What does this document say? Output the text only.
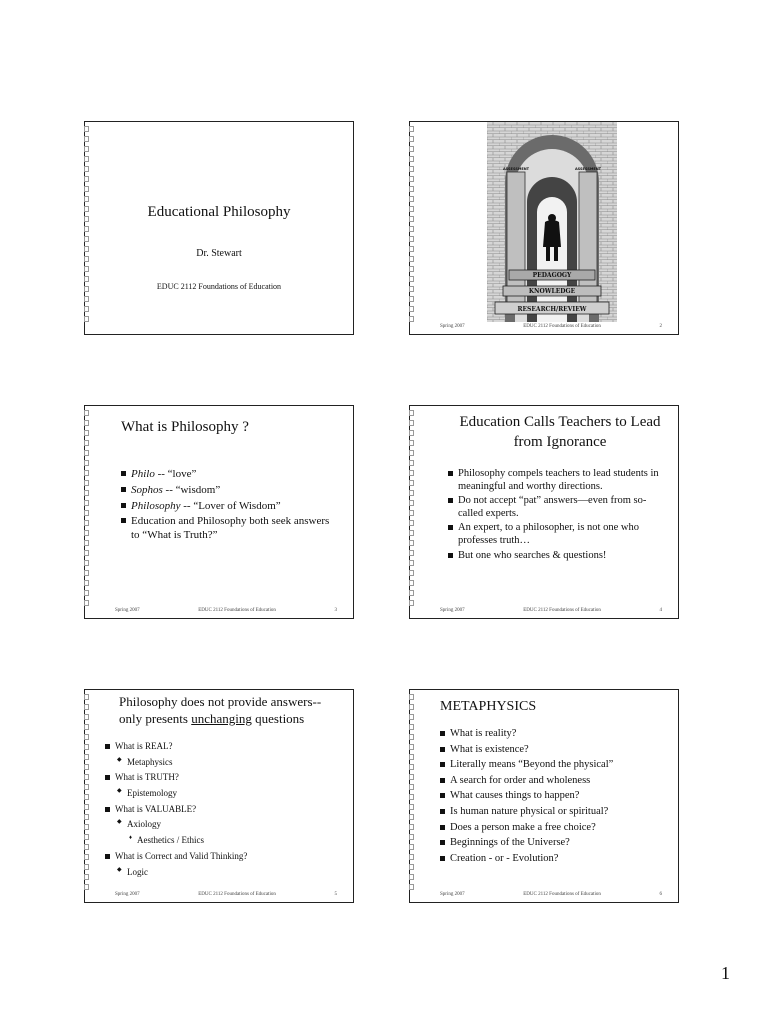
Educational Philosophy
Dr. Stewart
EDUC 2112 Foundations of Education
ASSESSMENT	ASSESSMENT
PEDAGOGY
KNOWLEDGE
RESEARCH/REVIEW
Spring 2007	EDUC 2112 Foundations of Education	2
What is Philosophy ?
Philo -- “love”
Sophos -- “wisdom”
Philosophy -- “Lover of Wisdom”
Education and Philosophy both seek answers to “What is Truth?”
Spring 2007	EDUC 2112 Foundations of Education	3
Education Calls Teachers to Lead from Ignorance
Philosophy compels teachers to lead students in meaningful and worthy directions.
Do not accept “pat” answers—even from so-called experts.
An expert, to a philosopher, is not one who professes truth…
But one who searches & questions!
Spring 2007	EDUC 2112 Foundations of Education	4
Philosophy does not provide answers--
only presents unchanging questions
What is REAL?
◆ Metaphysics
What is TRUTH?
◆ Epistemology
What is VALUABLE?
◆ Axiology
♦ Aesthetics / Ethics
What is Correct and Valid Thinking?
◆ Logic
Spring 2007	EDUC 2112 Foundations of Education	5
METAPHYSICS
What is reality?
What is existence?
Literally means “Beyond the physical”
A search for order and wholeness
What causes things to happen?
Is human nature physical or spiritual?
Does a person make a free choice?
Beginnings of the Universe?
Creation - or - Evolution?
Spring 2007	EDUC 2112 Foundations of Education	6
1
